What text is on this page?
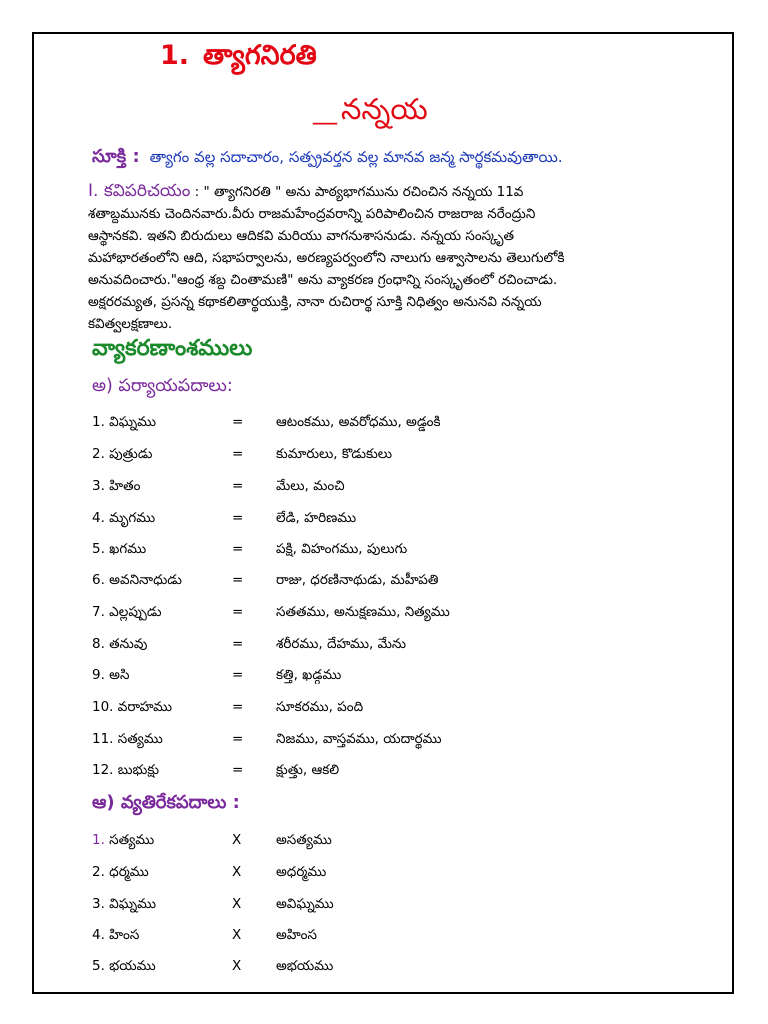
1. త్యాగనిరతి
__ నన్నయ
సూక్తి : త్యాగం వల్ల సదాచారం, సత్ప్రవర్తన వల్ల మానవ జన్మ సార్థకమవుతాయి.
I. కవిపరిచయం : " త్యాగనిరతి " అను పాఠ్యభాగమును రచించిన నన్నయ 11వ
శతాబ్దమునకు చెందినవారు.వీరు రాజమహేంద్రవరాన్ని పరిపాలించిన రాజరాజ నరేంద్రుని
ఆస్థానకవి. ఇతని బిరుదులు ఆదికవి మరియు వాగనుశాసనుడు. నన్నయ సంస్కృత
మహాభారతంలోని ఆది, సభాపర్వాలను, అరణ్యపర్వంలోని నాలుగు ఆశ్వాసాలను తెలుగులోకి
అనువదించారు."ఆంధ్ర శబ్ద చింతామణి" అను వ్యాకరణ గ్రంధాన్ని సంస్కృతంలో రచించాడు.
అక్షరరమ్యత, ప్రసన్న కథాకలితార్థయుక్తి, నానా రుచిరార్థ సూక్తి నిధిత్వం అనునవి నన్నయ
కవిత్వలక్షణాలు.
వ్యాకరణాంశములు
అ) పర్యాయపదాలు:
1. విఘ్నము	= ఆటంకము, అవరోధము, అడ్డంకి
2. పుత్రుడు	= కుమారులు, కొడుకులు
3. హితం	= మేలు, మంచి
4. మృగము	= లేడి, హరిణము
5. ఖగము	= పక్షి, విహంగము, పులుగు
6. అవనినాధుడు	= రాజు, ధరణినాథుడు, మహీపతి
7. ఎల్లప్పుడు	= సతతము, అనుక్షణము, నిత్యము
8. తనువు	= శరీరము, దేహము, మేను
9. అసి	= కత్తి, ఖడ్గము
10. వరాహము	= సూకరము, పంది
11. సత్యము	= నిజము, వాస్తవము, యదార్థము
12. బుభుక్షు	= క్షుత్తు, ఆకలి
ఆ) వ్యతిరేకపదాలు :
1. సత్యము	X	అసత్యము
2. ధర్మము	X	అధర్మము
3. విఘ్నము	X	అవిఘ్నము
4. హింస	X	అహింస
5. భయము	X	అభయము
